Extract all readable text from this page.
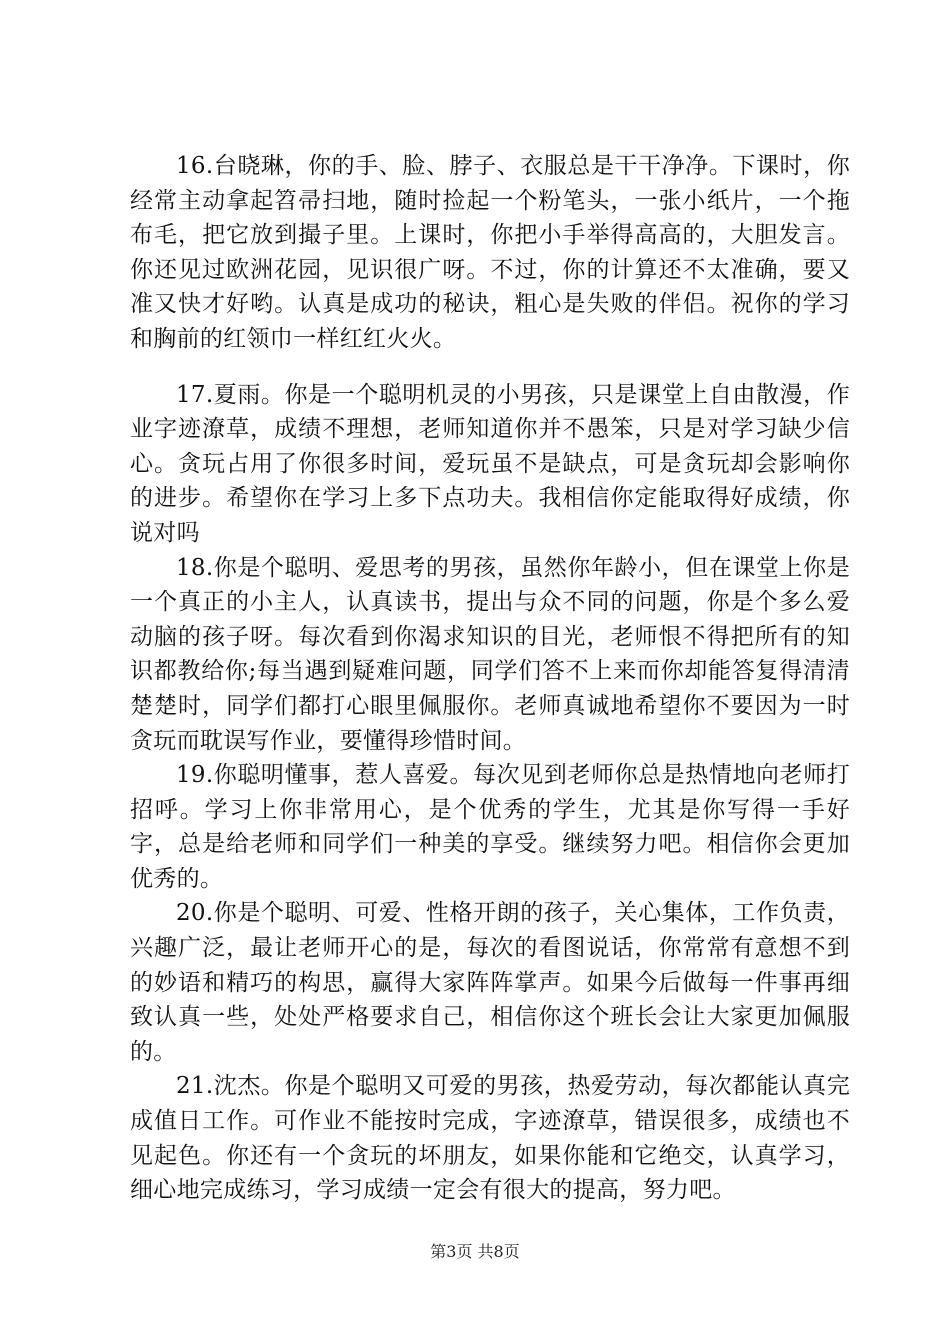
16.台晓琳，你的手、脸、脖子、衣服总是干干净净。下课时，你经常主动拿起笤帚扫地，随时捡起一个粉笔头，一张小纸片，一个拖布毛，把它放到撮子里。上课时，你把小手举得高高的，大胆发言。你还见过欧洲花园，见识很广呀。不过，你的计算还不太准确，要又准又快才好哟。认真是成功的秘诀，粗心是失败的伴侣。祝你的学习和胸前的红领巾一样红红火火。

17.夏雨。你是一个聪明机灵的小男孩，只是课堂上自由散漫，作业字迹潦草，成绩不理想，老师知道你并不愚笨，只是对学习缺少信心。贪玩占用了你很多时间，爱玩虽不是缺点，可是贪玩却会影响你的进步。希望你在学习上多下点功夫。我相信你定能取得好成绩，你说对吗

18.你是个聪明、爱思考的男孩，虽然你年龄小，但在课堂上你是一个真正的小主人，认真读书，提出与众不同的问题，你是个多么爱动脑的孩子呀。每次看到你渴求知识的目光，老师恨不得把所有的知识都教给你;每当遇到疑难问题，同学们答不上来而你却能答复得清清楚楚时，同学们都打心眼里佩服你。老师真诚地希望你不要因为一时贪玩而耽误写作业，要懂得珍惜时间。

19.你聪明懂事，惹人喜爱。每次见到老师你总是热情地向老师打招呼。学习上你非常用心，是个优秀的学生，尤其是你写得一手好字，总是给老师和同学们一种美的享受。继续努力吧。相信你会更加优秀的。

20.你是个聪明、可爱、性格开朗的孩子，关心集体，工作负责，兴趣广泛，最让老师开心的是，每次的看图说话，你常常有意想不到的妙语和精巧的构思，赢得大家阵阵掌声。如果今后做每一件事再细致认真一些，处处严格要求自己，相信你这个班长会让大家更加佩服的。

21.沈杰。你是个聪明又可爱的男孩，热爱劳动，每次都能认真完成值日工作。可作业不能按时完成，字迹潦草，错误很多，成绩也不见起色。你还有一个贪玩的坏朋友，如果你能和它绝交，认真学习，细心地完成练习，学习成绩一定会有很大的提高，努力吧。

第3页 共8页
